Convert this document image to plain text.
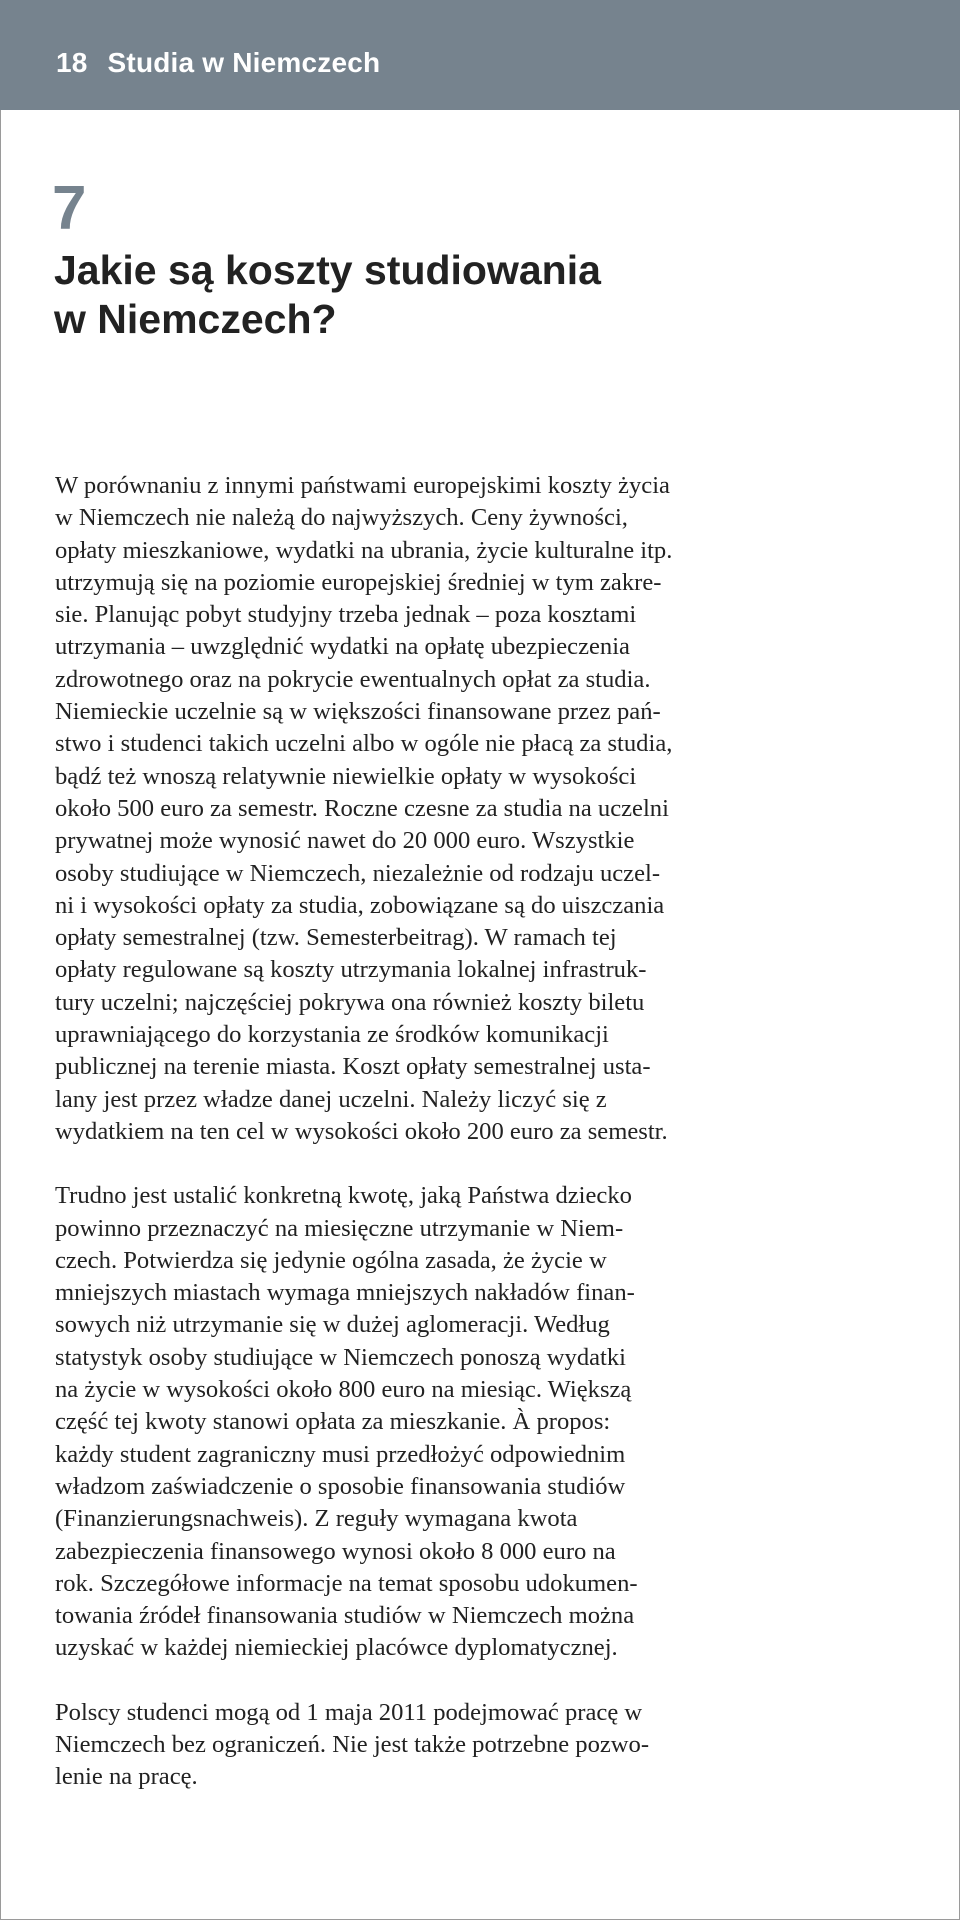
18 Studia w Niemczech
7
Jakie są koszty studiowania
w Niemczech?

W porównaniu z innymi państwami europejskimi koszty życia
w Niemczech nie należą do najwyższych. Ceny żywności,
opłaty mieszkaniowe, wydatki na ubrania, życie kulturalne itp.
utrzymują się na poziomie europejskiej średniej w tym zakre-
sie. Planując pobyt studyjny trzeba jednak – poza kosztami
utrzymania – uwzględnić wydatki na opłatę ubezpieczenia
zdrowotnego oraz na pokrycie ewentualnych opłat za studia.
Niemieckie uczelnie są w większości finansowane przez pań-
stwo i studenci takich uczelni albo w ogóle nie płacą za studia,
bądź też wnoszą relatywnie niewielkie opłaty w wysokości
około 500 euro za semestr. Roczne czesne za studia na uczelni
prywatnej może wynosić nawet do 20 000 euro. Wszystkie
osoby studiujące w Niemczech, niezależnie od rodzaju uczel-
ni i wysokości opłaty za studia, zobowiązane są do uiszczania
opłaty semestralnej (tzw. Semesterbeitrag). W ramach tej
opłaty regulowane są koszty utrzymania lokalnej infrastruk-
tury uczelni; najczęściej pokrywa ona również koszty biletu
uprawniającego do korzystania ze środków komunikacji
publicznej na terenie miasta. Koszt opłaty semestralnej usta-
lany jest przez władze danej uczelni. Należy liczyć się z
wydatkiem na ten cel w wysokości około 200 euro za semestr.

Trudno jest ustalić konkretną kwotę, jaką Państwa dziecko
powinno przeznaczyć na miesięczne utrzymanie w Niem-
czech. Potwierdza się jedynie ogólna zasada, że życie w
mniejszych miastach wymaga mniejszych nakładów finan-
sowych niż utrzymanie się w dużej aglomeracji. Według
statystyk osoby studiujące w Niemczech ponoszą wydatki
na życie w wysokości około 800 euro na miesiąc. Większą
część tej kwoty stanowi opłata za mieszkanie. À propos:
każdy student zagraniczny musi przedłożyć odpowiednim
władzom zaświadczenie o sposobie finansowania studiów
(Finanzierungsnachweis). Z reguły wymagana kwota
zabezpieczenia finansowego wynosi około 8 000 euro na
rok. Szczegółowe informacje na temat sposobu udokumen-
towania źródeł finansowania studiów w Niemczech można
uzyskać w każdej niemieckiej placówce dyplomatycznej.

Polscy studenci mogą od 1 maja 2011 podejmować pracę w
Niemczech bez ograniczeń. Nie jest także potrzebne pozwo-
lenie na pracę.
